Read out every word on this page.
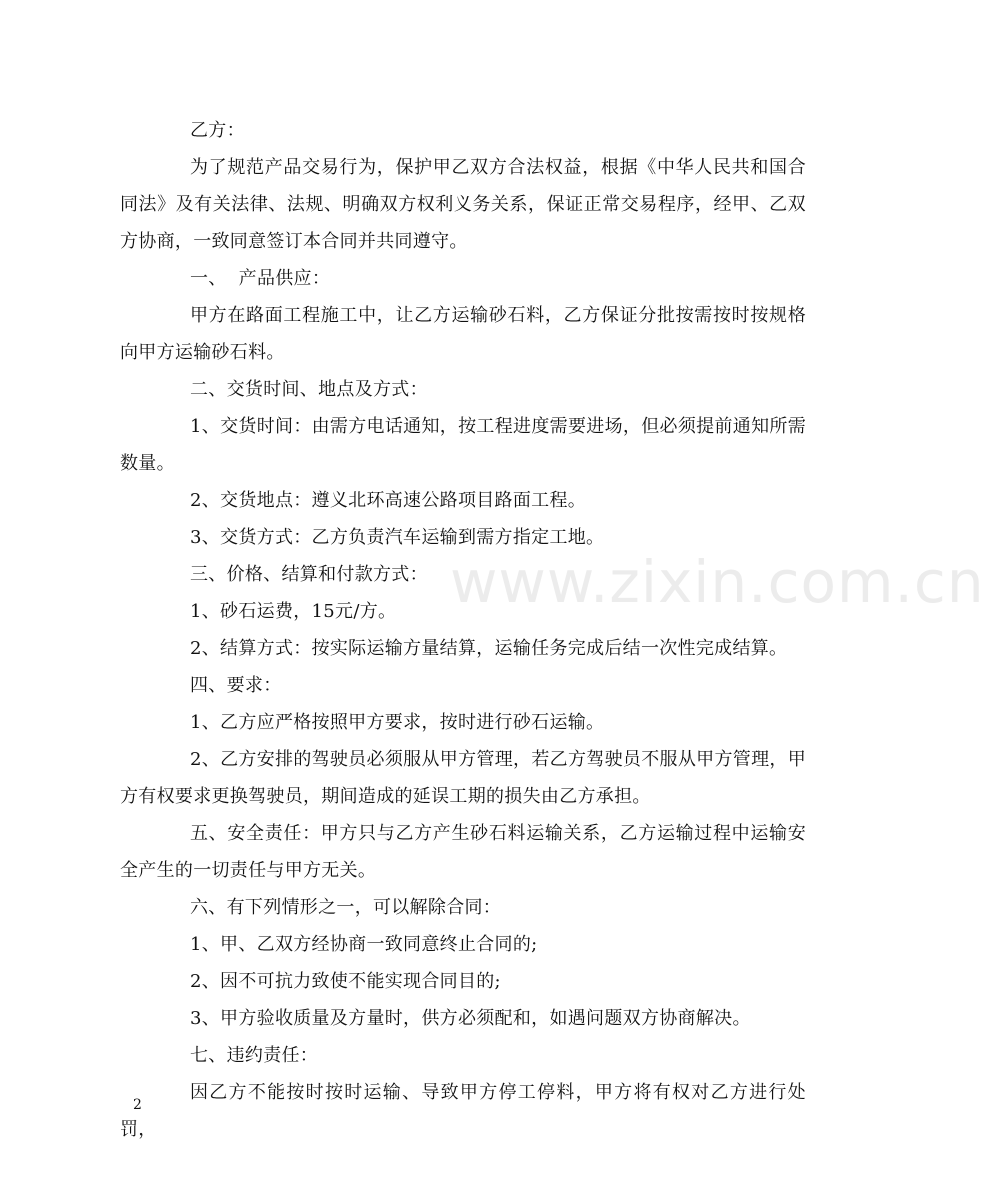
www.zixin.com.cn

乙方：

为了规范产品交易行为，保护甲乙双方合法权益，根据《中华人民共和国合同法》及有关法律、法规、明确双方权利义务关系，保证正常交易程序，经甲、乙双方协商，一致同意签订本合同并共同遵守。

一、  产品供应：

甲方在路面工程施工中，让乙方运输砂石料，乙方保证分批按需按时按规格向甲方运输砂石料。

二、交货时间、地点及方式：

1、交货时间：由需方电话通知，按工程进度需要进场，但必须提前通知所需数量。

2、交货地点：遵义北环高速公路项目路面工程。

3、交货方式：乙方负责汽车运输到需方指定工地。

三、价格、结算和付款方式：

1、砂石运费，15元/方。

2、结算方式：按实际运输方量结算，运输任务完成后结一次性完成结算。

四、要求：

1、乙方应严格按照甲方要求，按时进行砂石运输。

2、乙方安排的驾驶员必须服从甲方管理，若乙方驾驶员不服从甲方管理，甲方有权要求更换驾驶员，期间造成的延误工期的损失由乙方承担。

五、安全责任：甲方只与乙方产生砂石料运输关系，乙方运输过程中运输安全产生的一切责任与甲方无关。

六、有下列情形之一，可以解除合同：

1、甲、乙双方经协商一致同意终止合同的;

2、因不可抗力致使不能实现合同目的;

3、甲方验收质量及方量时，供方必须配和，如遇问题双方协商解决。

七、违约责任：

因乙方不能按时按时运输、导致甲方停工停料，甲方将有权对乙方进行处罚，

2
